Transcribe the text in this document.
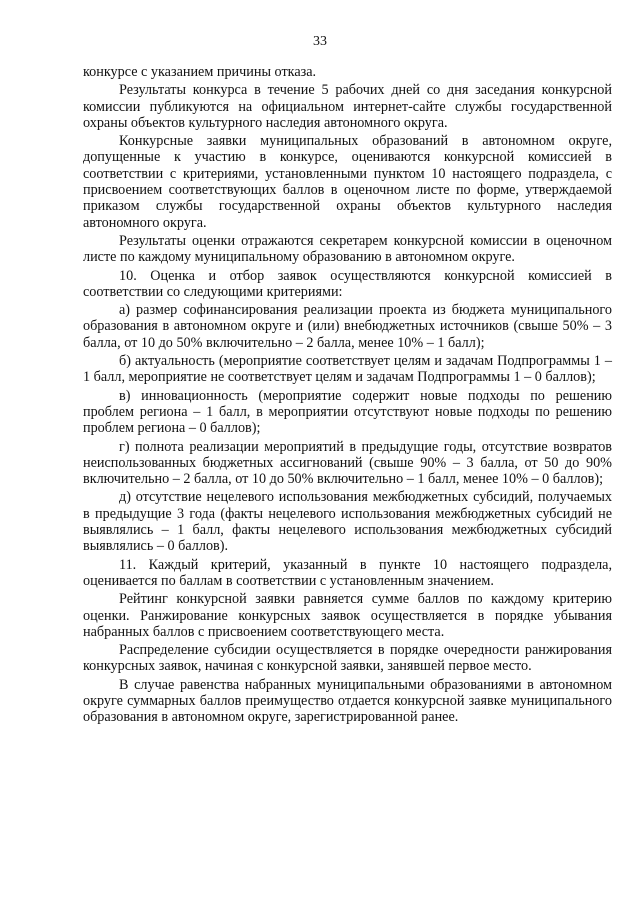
33

конкурсе с указанием причины отказа.

Результаты конкурса в течение 5 рабочих дней со дня заседания конкурсной комиссии публикуются на официальном интернет-сайте службы государственной охраны объектов культурного наследия автономного округа.

Конкурсные заявки муниципальных образований в автономном округе, допущенные к участию в конкурсе, оцениваются конкурсной комиссией в соответствии с критериями, установленными пунктом 10 настоящего подраздела, с присвоением соответствующих баллов в оценочном листе по форме, утверждаемой приказом службы государственной охраны объектов культурного наследия автономного округа.

Результаты оценки отражаются секретарем конкурсной комиссии в оценочном листе по каждому муниципальному образованию в автономном округе.

10. Оценка и отбор заявок осуществляются конкурсной комиссией в соответствии со следующими критериями:

а) размер софинансирования реализации проекта из бюджета муниципального образования в автономном округе и (или) внебюджетных источников (свыше 50% – 3 балла, от 10 до 50% включительно – 2 балла, менее 10% – 1 балл);

б) актуальность (мероприятие соответствует целям и задачам Подпрограммы 1 – 1 балл, мероприятие не соответствует целям и задачам Подпрограммы 1 – 0 баллов);

в) инновационность (мероприятие содержит новые подходы по решению проблем региона – 1 балл, в мероприятии отсутствуют новые подходы по решению проблем региона – 0 баллов);

г) полнота реализации мероприятий в предыдущие годы, отсутствие возвратов неиспользованных бюджетных ассигнований (свыше 90% – 3 балла, от 50 до 90% включительно – 2 балла, от 10 до 50% включительно – 1 балл, менее 10% – 0 баллов);

д) отсутствие нецелевого использования межбюджетных субсидий, получаемых в предыдущие 3 года (факты нецелевого использования межбюджетных субсидий не выявлялись – 1 балл, факты нецелевого использования межбюджетных субсидий выявлялись – 0 баллов).

11. Каждый критерий, указанный в пункте 10 настоящего подраздела, оценивается по баллам в соответствии с установленным значением.

Рейтинг конкурсной заявки равняется сумме баллов по каждому критерию оценки. Ранжирование конкурсных заявок осуществляется в порядке убывания набранных баллов с присвоением соответствующего места.

Распределение субсидии осуществляется в порядке очередности ранжирования конкурсных заявок, начиная с конкурсной заявки, занявшей первое место.

В случае равенства набранных муниципальными образованиями в автономном округе суммарных баллов преимущество отдается конкурсной заявке муниципального образования в автономном округе, зарегистрированной ранее.
